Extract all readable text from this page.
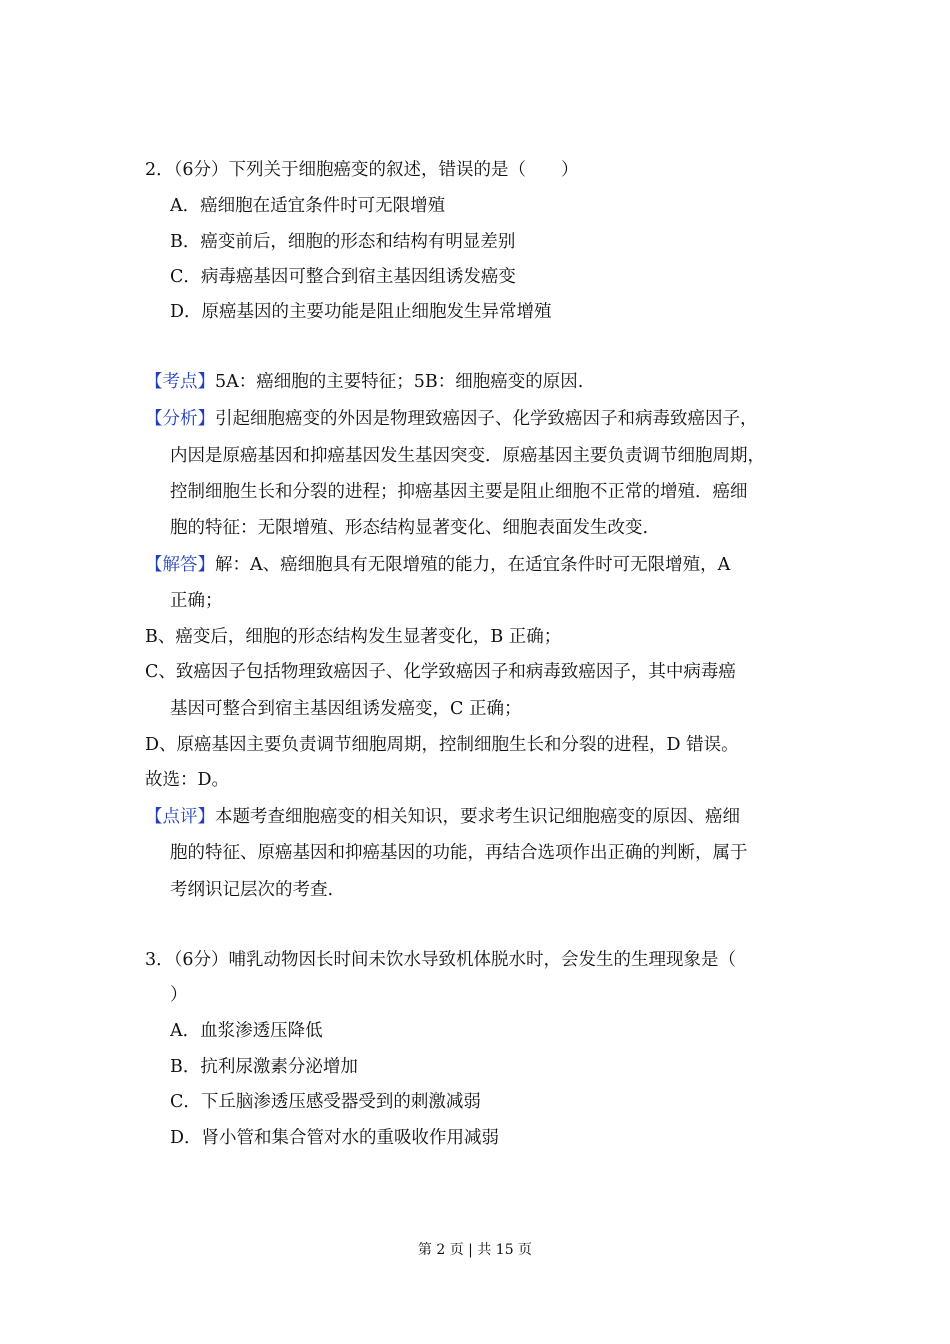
2．（6分）下列关于细胞癌变的叙述，错误的是（　　）
A．癌细胞在适宜条件时可无限增殖
B．癌变前后，细胞的形态和结构有明显差别
C．病毒癌基因可整合到宿主基因组诱发癌变
D．原癌基因的主要功能是阻止细胞发生异常增殖
【考点】5A：癌细胞的主要特征；5B：细胞癌变的原因.
【分析】引起细胞癌变的外因是物理致癌因子、化学致癌因子和病毒致癌因子，
内因是原癌基因和抑癌基因发生基因突变．原癌基因主要负责调节细胞周期，
控制细胞生长和分裂的进程；抑癌基因主要是阻止细胞不正常的增殖．癌细
胞的特征：无限增殖、形态结构显著变化、细胞表面发生改变.
【解答】解：A、癌细胞具有无限增殖的能力，在适宜条件时可无限增殖，A
正确；
B、癌变后，细胞的形态结构发生显著变化，B 正确；
C、致癌因子包括物理致癌因子、化学致癌因子和病毒致癌因子，其中病毒癌
基因可整合到宿主基因组诱发癌变，C 正确；
D、原癌基因主要负责调节细胞周期，控制细胞生长和分裂的进程，D 错误。
故选：D。
【点评】本题考查细胞癌变的相关知识，要求考生识记细胞癌变的原因、癌细
胞的特征、原癌基因和抑癌基因的功能，再结合选项作出正确的判断，属于
考纲识记层次的考查.
3．（6分）哺乳动物因长时间未饮水导致机体脱水时，会发生的生理现象是（
）
A．血浆渗透压降低
B．抗利尿激素分泌增加
C．下丘脑渗透压感受器受到的刺激减弱
D．肾小管和集合管对水的重吸收作用减弱
第 2 页 | 共 15 页
